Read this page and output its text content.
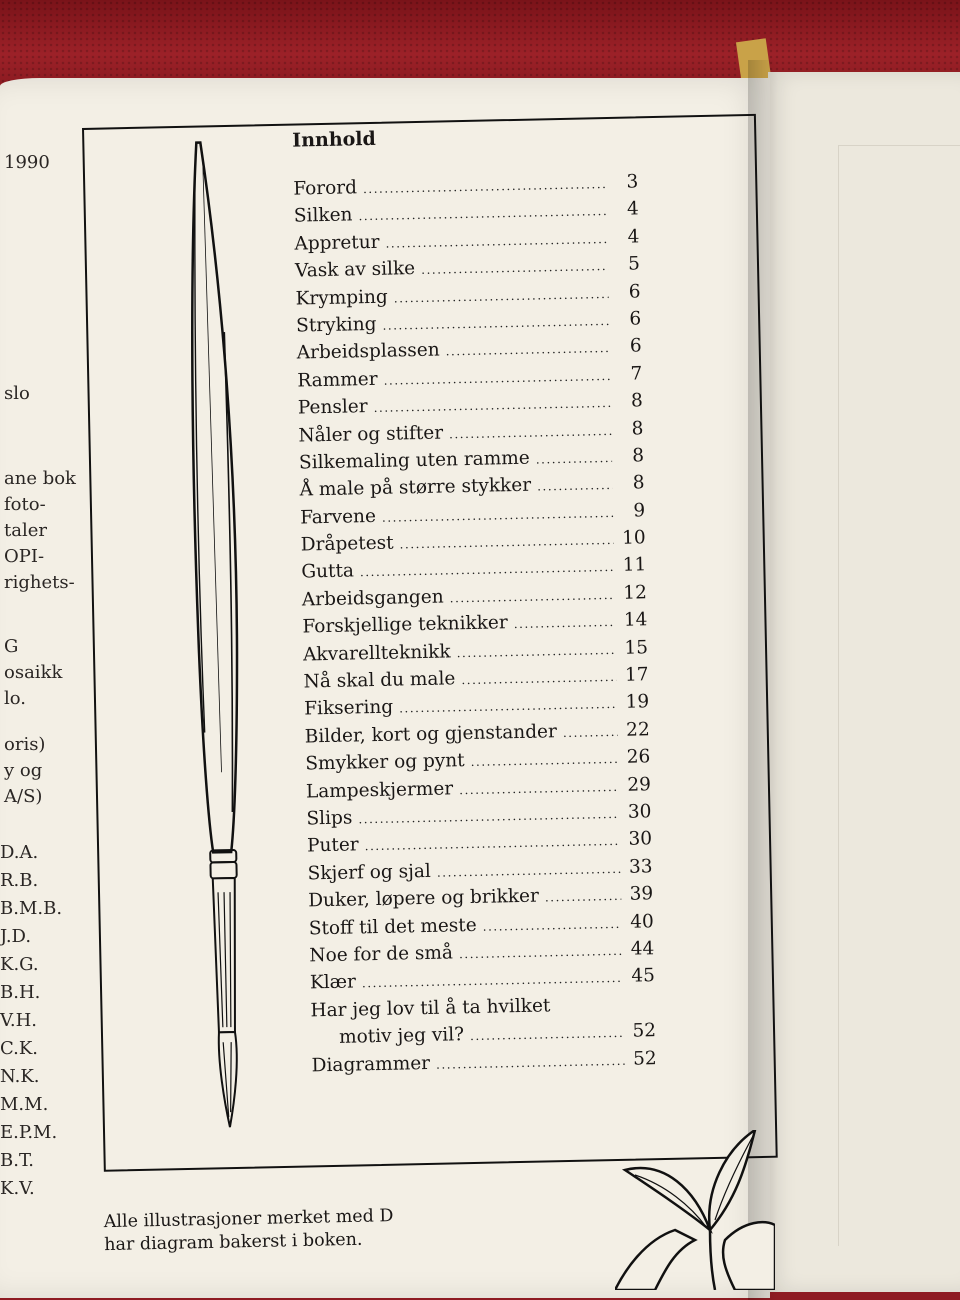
1990
slo
ane bok
foto-
taler
OPI-
righets-
G
osaikk
lo.
oris)
y og
A/S)
D.A.
R.B.
B.M.B.
J.D.
K.G.
B.H.
V.H.
C.K.
N.K.
M.M.
E.P.M.
B.T.
K.V.
Innhold
Forord .....	3
Silken .....	4
Appretur .....	4
Vask av silke .....	5
Krymping .....	6
Stryking .....	6
Arbeidsplassen .....	6
Rammer .....	7
Pensler .....	8
Nåler og stifter .....	8
Silkemaling uten ramme .....	8
Å male på større stykker .....	8
Farvene .....	9
Dråpetest .....	10
Gutta .....	11
Arbeidsgangen .....	12
Forskjellige teknikker .....	14
Akvarellteknikk .....	15
Nå skal du male .....	17
Fiksering .....	19
Bilder, kort og gjenstander .....	22
Smykker og pynt .....	26
Lampeskjermer .....	29
Slips .....	30
Puter .....	30
Skjerf og sjal .....	33
Duker, løpere og brikker .....	39
Stoff til det meste .....	40
Noe for de små .....	44
Klær .....	45
Har jeg lov til å ta hvilket
motiv jeg vil? .....	52
Diagrammer .....	52
Alle illustrasjoner merket med D har diagram bakerst i boken.
